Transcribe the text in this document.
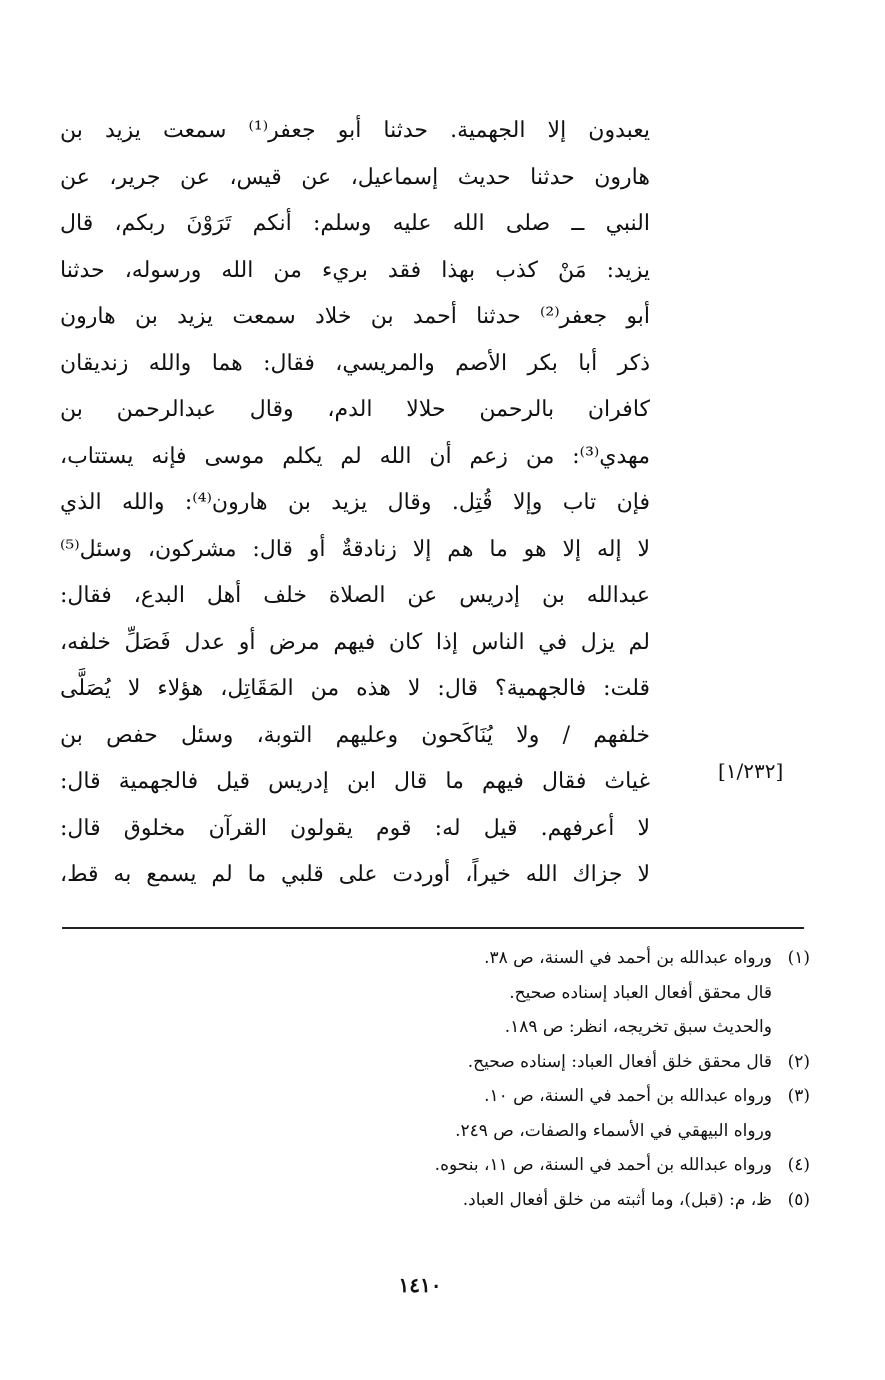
يعبدون إلا الجهمية. حدثنا أبو جعفر⁽¹⁾ سمعت يزيد بن
هارون حدثنا حديث إسماعيل، عن قيس، عن جرير، عن
النبي ــ صلى الله عليه وسلم: أنكم تَرَوْنَ ربكم، قال
يزيد: مَنْ كذب بهذا فقد بريء من الله ورسوله، حدثنا
أبو جعفر⁽²⁾ حدثنا أحمد بن خلاد سمعت يزيد بن هارون
ذكر أبا بكر الأصم والمريسي، فقال: هما والله زنديقان
كافران بالرحمن حلالا الدم، وقال عبدالرحمن بن
مهدي⁽³⁾: من زعم أن الله لم يكلم موسى فإنه يستتاب،
فإن تاب وإلا قُتِل. وقال يزيد بن هارون⁽⁴⁾: والله الذي
لا إله إلا هو ما هم إلا زنادقةٌ أو قال: مشركون، وسئل⁽⁵⁾
عبدالله بن إدريس عن الصلاة خلف أهل البدع، فقال:
لم يزل في الناس إذا كان فيهم مرض أو عدل فَصَلِّ خلفه،
قلت: فالجهمية؟ قال: لا هذه من المَقَاتِل، هؤلاء لا يُصَلَّى
خلفهم / ولا يُنَاكَحون وعليهم التوبة، وسئل حفص بن
غياث فقال فيهم ما قال ابن إدريس قيل فالجهمية قال:
لا أعرفهم. قيل له: قوم يقولون القرآن مخلوق قال:
لا جزاك الله خيراً، أوردت على قلبي ما لم يسمع به قط،
[١/٢٣٢]
(١)ورواه عبدالله بن أحمد في السنة، ص ٣٨.
قال محقق أفعال العباد إسناده صحيح.
والحديث سبق تخريجه، انظر: ص ١٨٩.
(٢)قال محقق خلق أفعال العباد: إسناده صحيح.
(٣)ورواه عبدالله بن أحمد في السنة، ص ١٠.
ورواه البيهقي في الأسماء والصفات، ص ٢٤٩.
(٤)ورواه عبدالله بن أحمد في السنة، ص ١١، بنحوه.
(٥)ظ، م: (قبل)، وما أثبته من خلق أفعال العباد.
١٤١٠
